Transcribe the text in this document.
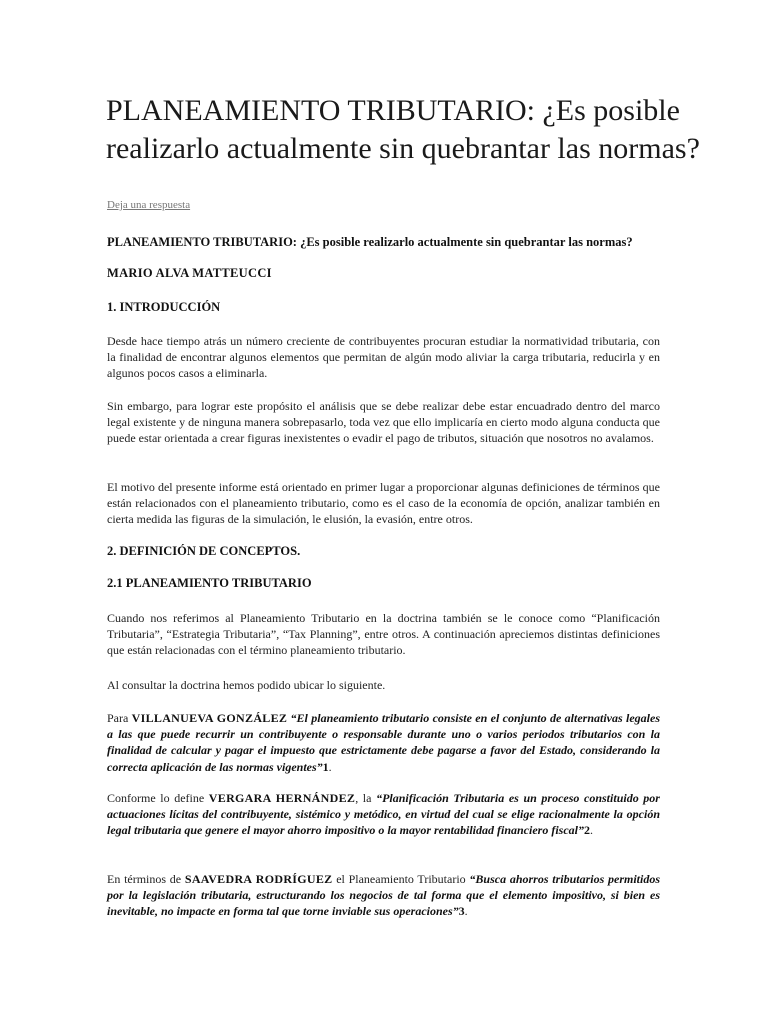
PLANEAMIENTO TRIBUTARIO: ¿Es posible realizarlo actualmente sin quebrantar las normas?
Deja una respuesta
PLANEAMIENTO TRIBUTARIO: ¿Es posible realizarlo actualmente sin quebrantar las normas?
MARIO ALVA MATTEUCCI
1. INTRODUCCIÓN

Desde hace tiempo atrás un número creciente de contribuyentes procuran estudiar la normatividad tributaria, con la finalidad de encontrar algunos elementos que permitan de algún modo aliviar la carga tributaria, reducirla y en algunos pocos casos a eliminarla.

Sin embargo, para lograr este propósito el análisis que se debe realizar debe estar encuadrado dentro del marco legal existente y de ninguna manera sobrepasarlo, toda vez que ello implicaría en cierto modo alguna conducta que puede estar orientada a crear figuras inexistentes o evadir el pago de tributos, situación que nosotros no avalamos.

El motivo del presente informe está orientado en primer lugar a proporcionar algunas definiciones de términos que están relacionados con el planeamiento tributario, como es el caso de la economía de opción, analizar también en cierta medida las figuras de la simulación, le elusión, la evasión, entre otros.

2. DEFINICIÓN DE CONCEPTOS.
2.1 PLANEAMIENTO TRIBUTARIO

Cuando nos referimos al Planeamiento Tributario en la doctrina también se le conoce como “Planificación Tributaria”, “Estrategia Tributaria”, “Tax Planning”, entre otros. A continuación apreciemos distintas definiciones que están relacionadas con el término planeamiento tributario.

Al consultar la doctrina hemos podido ubicar lo siguiente.

Para VILLANUEVA GONZÁLEZ “El planeamiento tributario consiste en el conjunto de alternativas legales a las que puede recurrir un contribuyente o responsable durante uno o varios periodos tributarios con la finalidad de calcular y pagar el impuesto que estrictamente debe pagarse a favor del Estado, considerando la correcta aplicación de las normas vigentes”1.

Conforme lo define VERGARA HERNÁNDEZ, la “Planificación Tributaria es un proceso constituido por actuaciones lícitas del contribuyente, sistémico y metódico, en virtud del cual se elige racionalmente la opción legal tributaria que genere el mayor ahorro impositivo o la mayor rentabilidad financiero fiscal”2.

En términos de SAAVEDRA RODRÍGUEZ el Planeamiento Tributario “Busca ahorros tributarios permitidos por la legislación tributaria, estructurando los negocios de tal forma que el elemento impositivo, si bien es inevitable, no impacte en forma tal que torne inviable sus operaciones”3.
